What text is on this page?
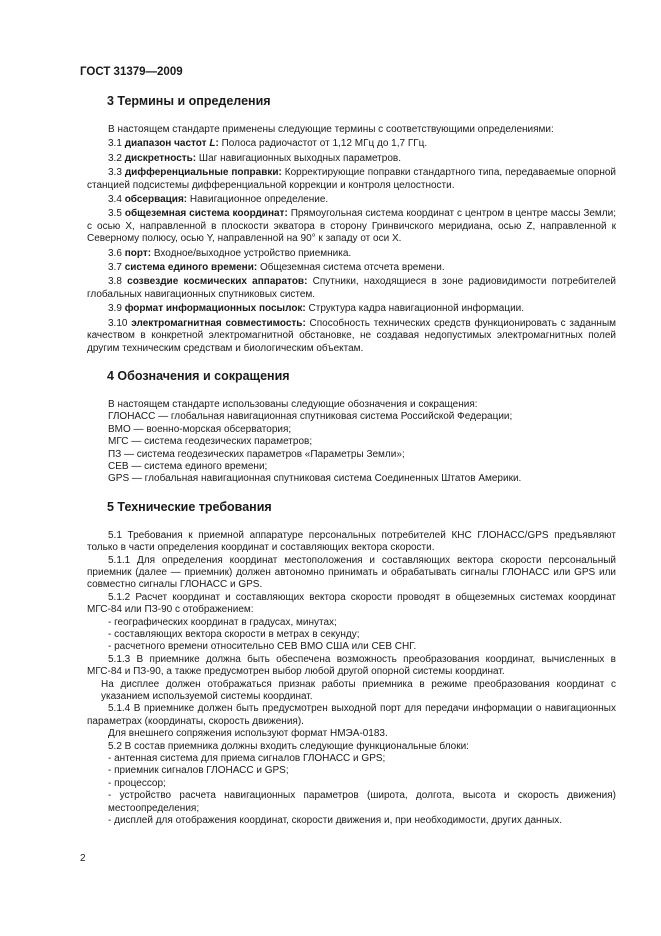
ГОСТ 31379—2009
3 Термины и определения

В настоящем стандарте применены следующие термины с соответствующими определениями:

3.1 диапазон частот L: Полоса радиочастот от 1,12 МГц до 1,7 ГГц.

3.2 дискретность: Шаг навигационных выходных параметров.

3.3 дифференциальные поправки: Корректирующие поправки стандартного типа, передаваемые опорной станцией подсистемы дифференциальной коррекции и контроля целостности.

3.4 обсервация: Навигационное определение.

3.5 общеземная система координат: Прямоугольная система координат с центром в центре массы Земли; с осью X, направленной в плоскости экватора в сторону Гринвичского меридиана, осью Z, направленной к Северному полюсу, осью Y, направленной на 90° к западу от оси X.

3.6 порт: Входное/выходное устройство приемника.

3.7 система единого времени: Общеземная система отсчета времени.

3.8 созвездие космических аппаратов: Спутники, находящиеся в зоне радиовидимости потребителей глобальных навигационных спутниковых систем.

3.9 формат информационных посылок: Структура кадра навигационной информации.

3.10 электромагнитная совместимость: Способность технических средств функционировать с заданным качеством в конкретной электромагнитной обстановке, не создавая недопустимых электромагнитных полей другим техническим средствам и биологическим объектам.

4 Обозначения и сокращения

В настоящем стандарте использованы следующие обозначения и сокращения:

ГЛОНАСС — глобальная навигационная спутниковая система Российской Федерации;

ВМО — военно-морская обсерватория;

МГС — система геодезических параметров;

ПЗ — система геодезических параметров «Параметры Земли»;

СЕВ — система единого времени;

GPS — глобальная навигационная спутниковая система Соединенных Штатов Америки.

5 Технические требования

5.1 Требования к приемной аппаратуре персональных потребителей КНС ГЛОНАСС/GPS предъявляют только в части определения координат и составляющих вектора скорости.

5.1.1 Для определения координат местоположения и составляющих вектора скорости персональный приемник (далее — приемник) должен автономно принимать и обрабатывать сигналы ГЛОНАСС или GPS или совместно сигналы ГЛОНАСС и GPS.

5.1.2 Расчет координат и составляющих вектора скорости проводят в общеземных системах координат МГС-84 или ПЗ-90 с отображением:

- географических координат в градусах, минутах;

- составляющих вектора скорости в метрах в секунду;

- расчетного времени относительно СЕВ ВМО США или СЕВ СНГ.

5.1.3 В приемнике должна быть обеспечена возможность преобразования координат, вычисленных в МГС-84 и ПЗ-90, а также предусмотрен выбор любой другой опорной системы координат.

На дисплее должен отображаться признак работы приемника в режиме преобразования координат с указанием используемой системы координат.

5.1.4 В приемнике должен быть предусмотрен выходной порт для передачи информации о навигационных параметрах (координаты, скорость движения).

Для внешнего сопряжения используют формат НМЭА-0183.

5.2 В состав приемника должны входить следующие функциональные блоки:

- антенная система для приема сигналов ГЛОНАСС и GPS;

- приемник сигналов ГЛОНАСС и GPS;

- процессор;

- устройство расчета навигационных параметров (широта, долгота, высота и скорость движения) местоопределения;

- дисплей для отображения координат, скорости движения и, при необходимости, других данных.

2
